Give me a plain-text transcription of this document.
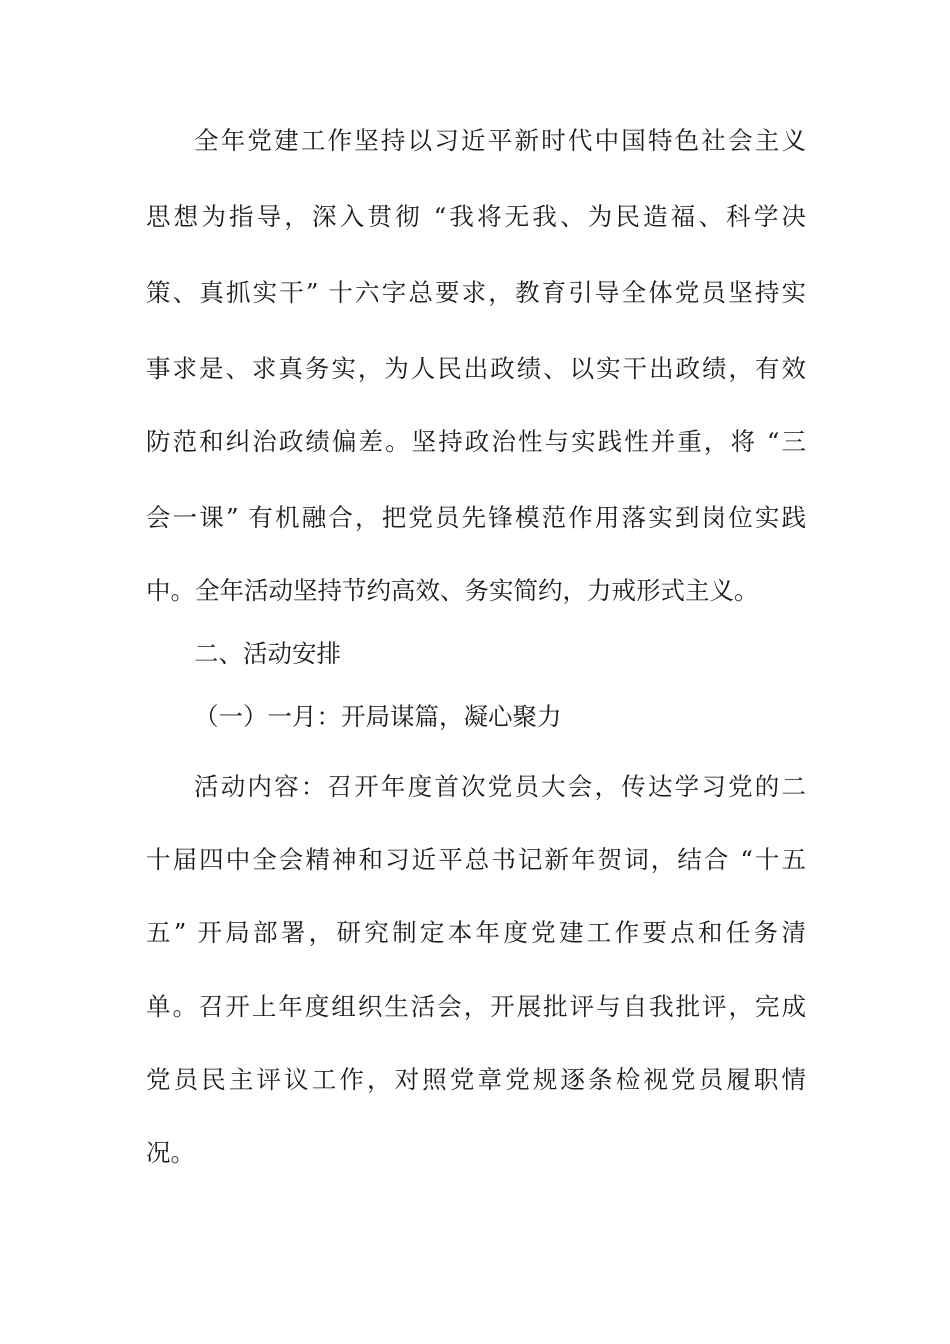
全年党建工作坚持以习近平新时代中国特色社会主义
思想为指导，深入贯彻 “我将无我、为民造福、科学决
策、真抓实干” 十六字总要求，教育引导全体党员坚持实
事求是、求真务实，为人民出政绩、以实干出政绩，有效
防范和纠治政绩偏差。坚持政治性与实践性并重，将 “三
会一课” 有机融合，把党员先锋模范作用落实到岗位实践
中。全年活动坚持节约高效、务实简约，力戒形式主义。
二、活动安排
（一）一月：开局谋篇，凝心聚力
活动内容：召开年度首次党员大会，传达学习党的二
十届四中全会精神和习近平总书记新年贺词，结合 “十五
五” 开局部署，研究制定本年度党建工作要点和任务清
单。召开上年度组织生活会，开展批评与自我批评，完成
党员民主评议工作，对照党章党规逐条检视党员履职情
况。
